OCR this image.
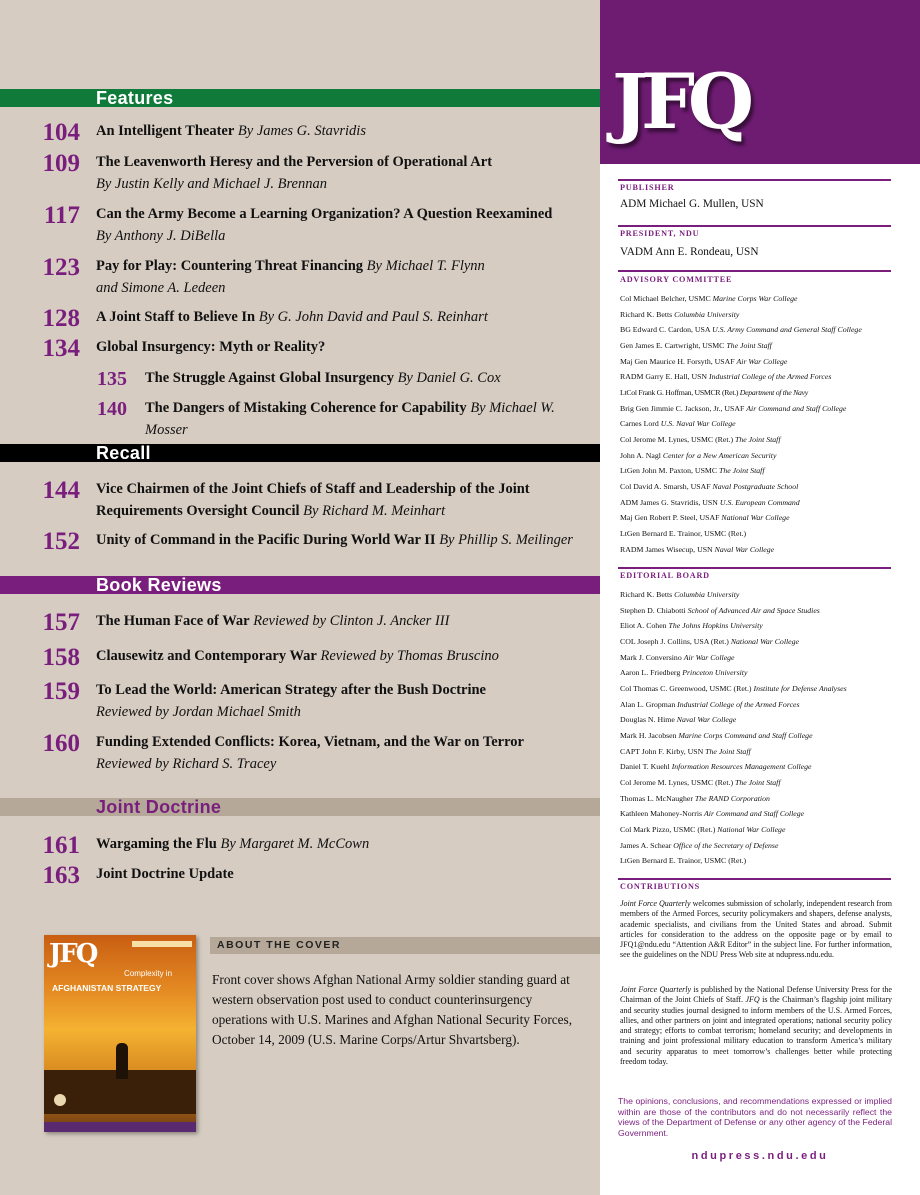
Features
104 An Intelligent Theater By James G. Stavridis
109 The Leavenworth Heresy and the Perversion of Operational Art
By Justin Kelly and Michael J. Brennan
117 Can the Army Become a Learning Organization? A Question Reexamined
By Anthony J. DiBella
123 Pay for Play: Countering Threat Financing By Michael T. Flynn
and Simone A. Ledeen
128 A Joint Staff to Believe In By G. John David and Paul S. Reinhart
134 Global Insurgency: Myth or Reality?
135 The Struggle Against Global Insurgency By Daniel G. Cox
140 The Dangers of Mistaking Coherence for Capability By Michael W. Mosser
Recall
144 Vice Chairmen of the Joint Chiefs of Staff and Leadership of the Joint
Requirements Oversight Council By Richard M. Meinhart
152 Unity of Command in the Pacific During World War II By Phillip S. Meilinger
Book Reviews
157 The Human Face of War Reviewed by Clinton J. Ancker III
158 Clausewitz and Contemporary War Reviewed by Thomas Bruscino
159 To Lead the World: American Strategy after the Bush Doctrine
Reviewed by Jordan Michael Smith
160 Funding Extended Conflicts: Korea, Vietnam, and the War on Terror
Reviewed by Richard S. Tracey
Joint Doctrine
161 Wargaming the Flu By Margaret M. McCown
163 Joint Doctrine Update
JFQ
Complexity in
AFGHANISTAN STRATEGY
ABOUT THE COVER
Front cover shows Afghan National Army soldier standing guard at western observation post used to conduct counterinsurgency operations with U.S. Marines and Afghan National Security Forces, October 14, 2009 (U.S. Marine Corps/Artur Shvartsberg).
JFQ
PUBLISHER
ADM Michael G. Mullen, USN
PRESIDENT, NDU
VADM Ann E. Rondeau, USN
ADVISORY COMMITTEE
Col Michael Belcher, USMC Marine Corps War College
Richard K. Betts Columbia University
BG Edward C. Cardon, USA U.S. Army Command and General Staff College
Gen James E. Cartwright, USMC The Joint Staff
Maj Gen Maurice H. Forsyth, USAF Air War College
RADM Garry E. Hall, USN Industrial College of the Armed Forces
LtCol Frank G. Hoffman, USMCR (Ret.) Department of the Navy
Brig Gen Jimmie C. Jackson, Jr., USAF Air Command and Staff College
Carnes Lord U.S. Naval War College
Col Jerome M. Lynes, USMC (Ret.) The Joint Staff
John A. Nagl Center for a New American Security
LtGen John M. Paxton, USMC The Joint Staff
Col David A. Smarsh, USAF Naval Postgraduate School
ADM James G. Stavridis, USN U.S. European Command
Maj Gen Robert P. Steel, USAF National War College
LtGen Bernard E. Trainor, USMC (Ret.)
RADM James Wisecup, USN Naval War College
EDITORIAL BOARD
Richard K. Betts Columbia University
Stephen D. Chiabotti School of Advanced Air and Space Studies
Eliot A. Cohen The Johns Hopkins University
COL Joseph J. Collins, USA (Ret.) National War College
Mark J. Conversino Air War College
Aaron L. Friedberg Princeton University
Col Thomas C. Greenwood, USMC (Ret.) Institute for Defense Analyses
Alan L. Gropman Industrial College of the Armed Forces
Douglas N. Hime Naval War College
Mark H. Jacobsen Marine Corps Command and Staff College
CAPT John F. Kirby, USN The Joint Staff
Daniel T. Kuehl Information Resources Management College
Col Jerome M. Lynes, USMC (Ret.) The Joint Staff
Thomas L. McNaugher The RAND Corporation
Kathleen Mahoney-Norris Air Command and Staff College
Col Mark Pizzo, USMC (Ret.) National War College
James A. Schear Office of the Secretary of Defense
LtGen Bernard E. Trainor, USMC (Ret.)
CONTRIBUTIONS
Joint Force Quarterly welcomes submission of scholarly, independent research from members of the Armed Forces, security policymakers and shapers, defense analysts, academic specialists, and civilians from the United States and abroad. Submit articles for consideration to the address on the opposite page or by email to JFQ1@ndu.edu “Attention A&R Editor” in the subject line. For further information, see the guidelines on the NDU Press Web site at ndupress.ndu.edu.
Joint Force Quarterly is published by the National Defense University Press for the Chairman of the Joint Chiefs of Staff. JFQ is the Chairman’s flagship joint military and security studies journal designed to inform members of the U.S. Armed Forces, allies, and other partners on joint and integrated operations; national security policy and strategy; efforts to combat terrorism; homeland security; and developments in training and joint professional military education to transform America’s military and security apparatus to meet tomorrow’s challenges better while protecting freedom today.
The opinions, conclusions, and recommendations expressed or implied within are those of the contributors and do not necessarily reflect the views of the Department of Defense or any other agency of the Federal Government.
ndupress.ndu.edu
